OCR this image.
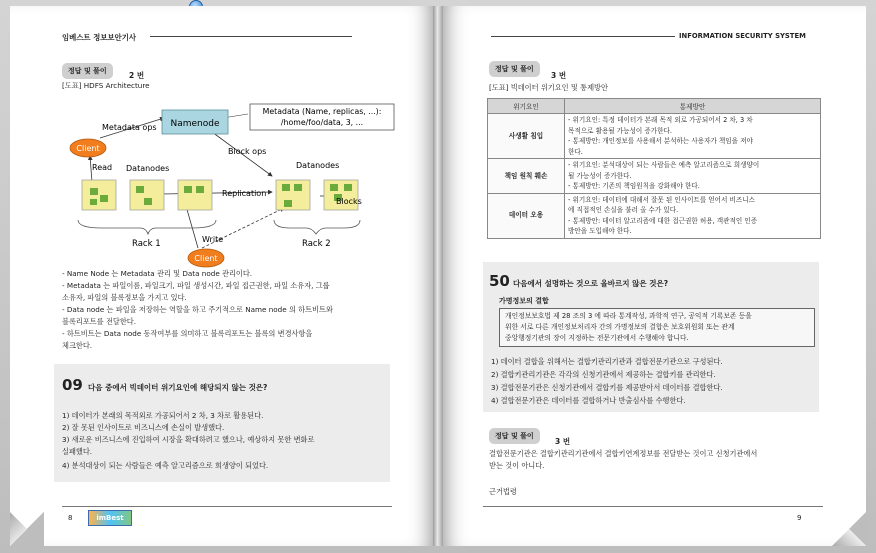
임베스트 정보보안기사
정답 및 풀이	2 번
[도표] HDFS Architecture
Namenode
Metadata (Name, replicas, ...):
/home/foo/data, 3, ...
Metadata ops
Block ops
Client
Read Datanodes	Datanodes
Replication
Blocks
Rack 1	Rack 2
Write
Client
- Name Node 는 Metadata 관리 및 Data node 관리이다.
- Metadata 는 파일이름, 파일크기, 파일 생성시간, 파일 접근권한, 파일 소유자, 그룹
소유자, 파일의 블록정보을 가지고 있다.
- Data node 는 파일을 저장하는 역할을 하고 주기적으로 Name node 의 하트비트와
블록리포트를 전달한다.
- 하트비트는 Data node 동작여부를 의미하고 블록리포트는 블록의 변경사항을
체크한다.
09 다음 중에서 빅데이터 위기요인에 해당되지 않는 것은?
1) 데이터가 본래의 목적외로 가공되어서 2 차, 3 차로 활용된다.
2) 잘 못된 인사이트로 비즈니스에 손실이 발생했다.
3) 새로운 비즈니스에 진입하여 시장을 확대하려고 했으나, 예상하지 못한 변화로
실패했다.
4) 분석대상이 되는 사람들은 예측 알고리즘으로 희생양이 되었다.
8	imBest
INFORMATION SECURITY SYSTEM
정답 및 풀이
3 번
[도표] 빅데이터 위기요인 및 통제방안
위기요인	통제방안
사생활 침입	- 위기요인: 특정 데이터가 본래 목적 외로 가공되어서 2 차, 3 차
목적으로 활용될 가능성이 증가한다.
- 통제방안: 개인정보를 사용해서 분석하는 사용자가 책임을 져야
한다.

책임 원칙 훼손	- 위기요인: 분석대상이 되는 사람들은 예측 알고리즘으로 희생양이
될 가능성이 증가한다.
- 통제방안: 기존의 책임원칙을 강화해야 한다.

데이터 오용	- 위기요인: 데이터에 대해서 잘못 된 인사이트를 얻어서 비즈니스
에 직접적인 손실을 불러 올 수가 있다.
- 통제방안: 데이터 알고리즘에 대한 접근권한 허용, 객관적인 인증
방안을 도입해야 한다.
50 다음에서 설명하는 것으로 올바르지 않은 것은?
가명정보의 결합
개인정보보호법 제 28 조의 3 에 따라 통계작성, 과학적 연구, 공익적 기록보존 등을
위한 서로 다른 개인정보처리자 간의 가명정보의 결합은 보호위원회 또는 관계
중앙행정기관의 장이 지정하는 전문기관에서 수행해야 합니다.
1) 데이터 결합을 위해서는 결합키관리기관과 결합전문기관으로 구성된다.
2) 결합키관리기관은 각각의 신청기관에서 제공하는 결합키를 관리한다.
3) 결합전문기관은 신청기관에서 결합키를 제공받아서 데이터를 결합한다.
4) 결합전문기관은 데이터를 결합하거나 반출심사를 수행한다.
정답 및 풀이
3 번
결합전문기관은 결합키관리기관에서 결합키연계정보를 전달받는 것이고 신청기관에서
받는 것이 아니다.
근거법령
9
